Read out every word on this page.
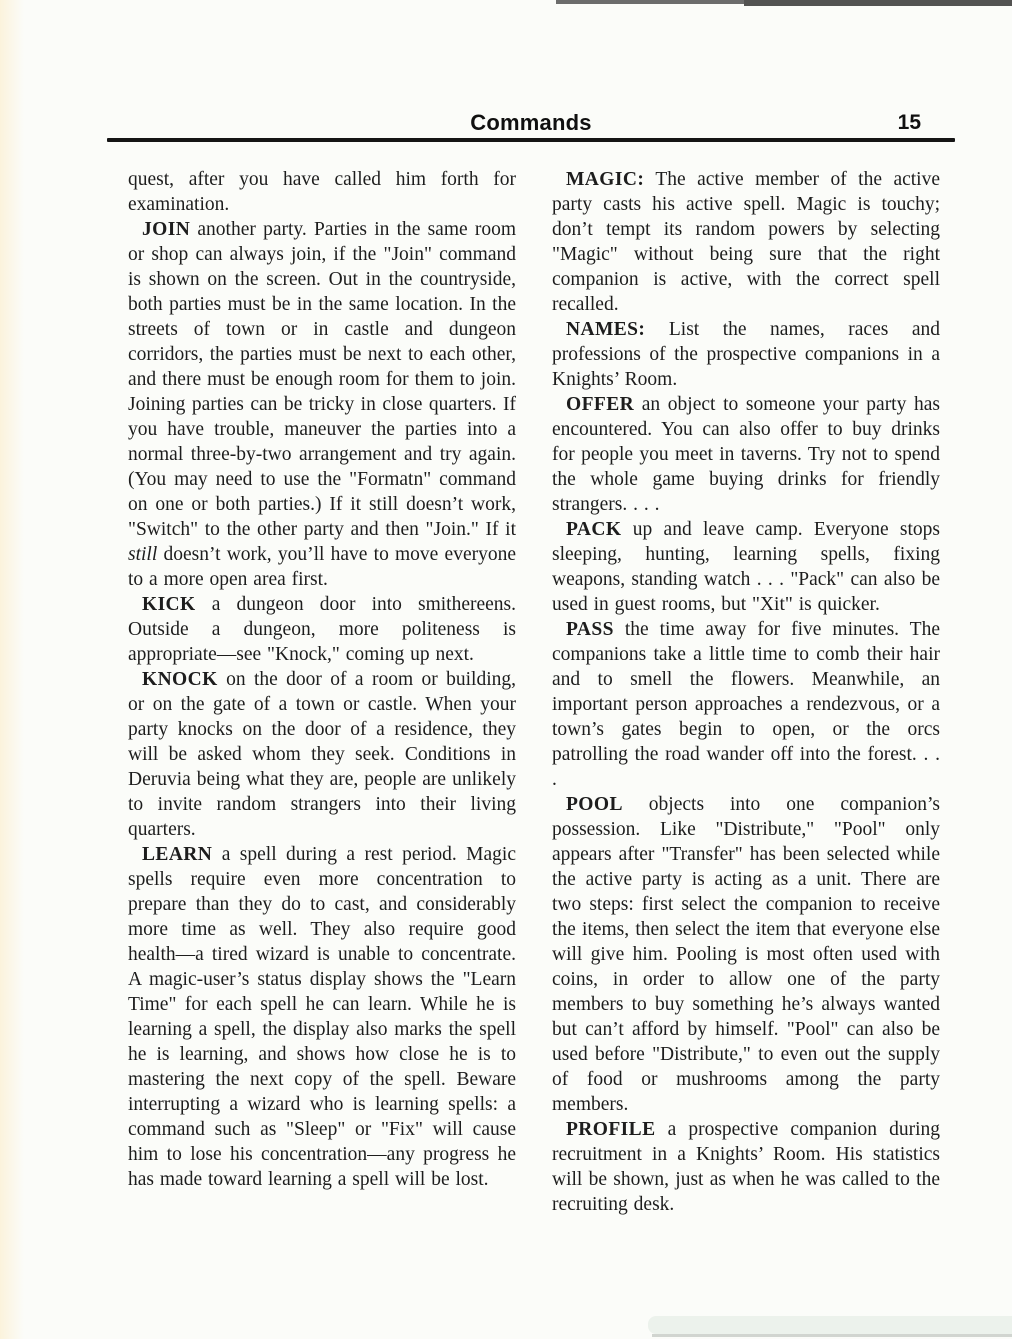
Commands	15

quest, after you have called him forth for examination.

JOIN another party. Parties in the same room or shop can always join, if the "Join" command is shown on the screen. Out in the countryside, both parties must be in the same location. In the streets of town or in castle and dungeon corridors, the parties must be next to each other, and there must be enough room for them to join. Joining parties can be tricky in close quarters. If you have trouble, maneuver the parties into a normal three-by-two arrangement and try again. (You may need to use the "Formatn" command on one or both parties.) If it still doesn’t work, "Switch" to the other party and then "Join." If it still doesn’t work, you’ll have to move everyone to a more open area first.

KICK a dungeon door into smithereens. Outside a dungeon, more politeness is appropriate—see "Knock," coming up next.

KNOCK on the door of a room or building, or on the gate of a town or castle. When your party knocks on the door of a residence, they will be asked whom they seek. Conditions in Deruvia being what they are, people are unlikely to invite random strangers into their living quarters.

LEARN a spell during a rest period. Magic spells require even more concentration to prepare than they do to cast, and considerably more time as well. They also require good health—a tired wizard is unable to concentrate. A magic-user’s status display shows the "Learn Time" for each spell he can learn. While he is learning a spell, the display also marks the spell he is learning, and shows how close he is to mastering the next copy of the spell. Beware interrupting a wizard who is learning spells: a command such as "Sleep" or "Fix" will cause him to lose his concentration—any progress he has made toward learning a spell will be lost.

MAGIC: The active member of the active party casts his active spell. Magic is touchy; don’t tempt its random powers by selecting "Magic" without being sure that the right companion is active, with the correct spell recalled.

NAMES: List the names, races and professions of the prospective companions in a Knights’ Room.

OFFER an object to someone your party has encountered. You can also offer to buy drinks for people you meet in taverns. Try not to spend the whole game buying drinks for friendly strangers. . . .

PACK up and leave camp. Everyone stops sleeping, hunting, learning spells, fixing weapons, standing watch . . . "Pack" can also be used in guest rooms, but "Xit" is quicker.

PASS the time away for five minutes. The companions take a little time to comb their hair and to smell the flowers. Meanwhile, an important person approaches a rendezvous, or a town’s gates begin to open, or the orcs patrolling the road wander off into the forest. . . .

POOL objects into one companion’s possession. Like "Distribute," "Pool" only appears after "Transfer" has been selected while the active party is acting as a unit. There are two steps: first select the companion to receive the items, then select the item that everyone else will give him. Pooling is most often used with coins, in order to allow one of the party members to buy something he’s always wanted but can’t afford by himself. "Pool" can also be used before "Distribute," to even out the supply of food or mushrooms among the party members.

PROFILE a prospective companion during recruitment in a Knights’ Room. His statistics will be shown, just as when he was called to the recruiting desk.
